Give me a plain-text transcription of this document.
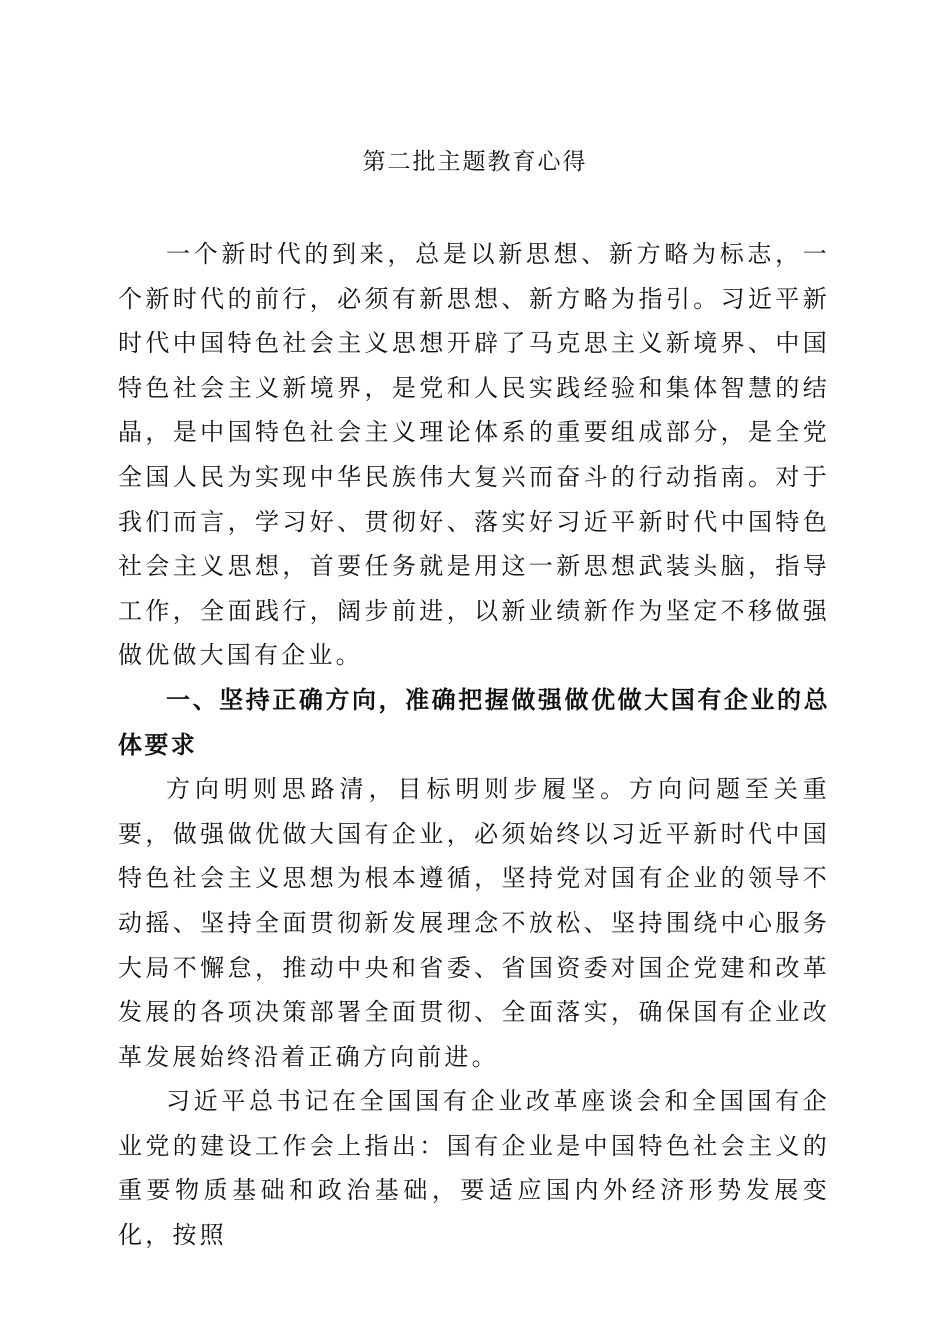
第二批主题教育心得

一个新时代的到来，总是以新思想、新方略为标志，一个新时代的前行，必须有新思想、新方略为指引。习近平新时代中国特色社会主义思想开辟了马克思主义新境界、中国特色社会主义新境界，是党和人民实践经验和集体智慧的结晶，是中国特色社会主义理论体系的重要组成部分，是全党全国人民为实现中华民族伟大复兴而奋斗的行动指南。对于我们而言，学习好、贯彻好、落实好习近平新时代中国特色社会主义思想，首要任务就是用这一新思想武装头脑，指导工作，全面践行，阔步前进，以新业绩新作为坚定不移做强做优做大国有企业。

一、坚持正确方向，准确把握做强做优做大国有企业的总体要求

方向明则思路清，目标明则步履坚。方向问题至关重要，做强做优做大国有企业，必须始终以习近平新时代中国特色社会主义思想为根本遵循，坚持党对国有企业的领导不动摇、坚持全面贯彻新发展理念不放松、坚持围绕中心服务大局不懈怠，推动中央和省委、省国资委对国企党建和改革发展的各项决策部署全面贯彻、全面落实，确保国有企业改革发展始终沿着正确方向前进。

习近平总书记在全国国有企业改革座谈会和全国国有企业党的建设工作会上指出：国有企业是中国特色社会主义的重要物质基础和政治基础，要适应国内外经济形势发展变化，按照
